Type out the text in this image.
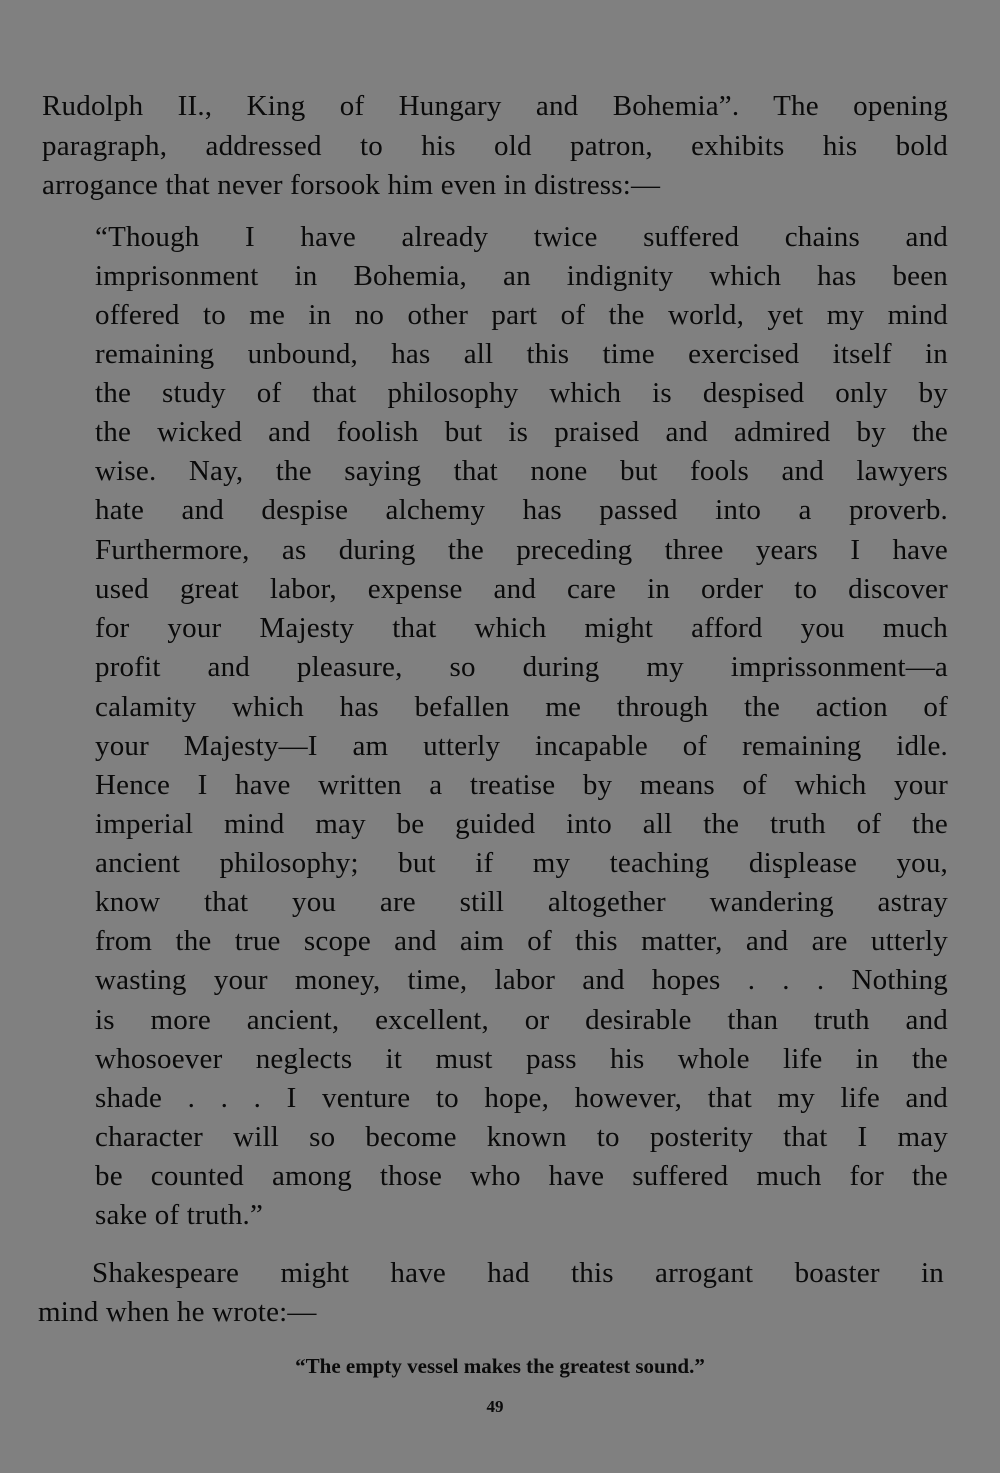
Rudolph II., King of Hungary and Bohemia”. The opening
paragraph, addressed to his old patron, exhibits his bold
arrogance that never forsook him even in distress:—
“Though I have already twice suffered chains and
imprisonment in Bohemia, an indignity which has been
offered to me in no other part of the world, yet my mind
remaining unbound, has all this time exercised itself in
the study of that philosophy which is despised only by
the wicked and foolish but is praised and admired by the
wise. Nay, the saying that none but fools and lawyers
hate and despise alchemy has passed into a proverb.
Furthermore, as during the preceding three years I have
used great labor, expense and care in order to discover
for your Majesty that which might afford you much
profit and pleasure, so during my imprissonment—a
calamity which has befallen me through the action of
your Majesty—I am utterly incapable of remaining idle.
Hence I have written a treatise by means of which your
imperial mind may be guided into all the truth of the
ancient philosophy; but if my teaching displease you,
know that you are still altogether wandering astray
from the true scope and aim of this matter, and are utterly
wasting your money, time, labor and hopes . . . Nothing
is more ancient, excellent, or desirable than truth and
whosoever neglects it must pass his whole life in the
shade . . . I venture to hope, however, that my life and
character will so become known to posterity that I may
be counted among those who have suffered much for the
sake of truth.”
Shakespeare might have had this arrogant boaster in
mind when he wrote:—
“The empty vessel makes the greatest sound.”
49
